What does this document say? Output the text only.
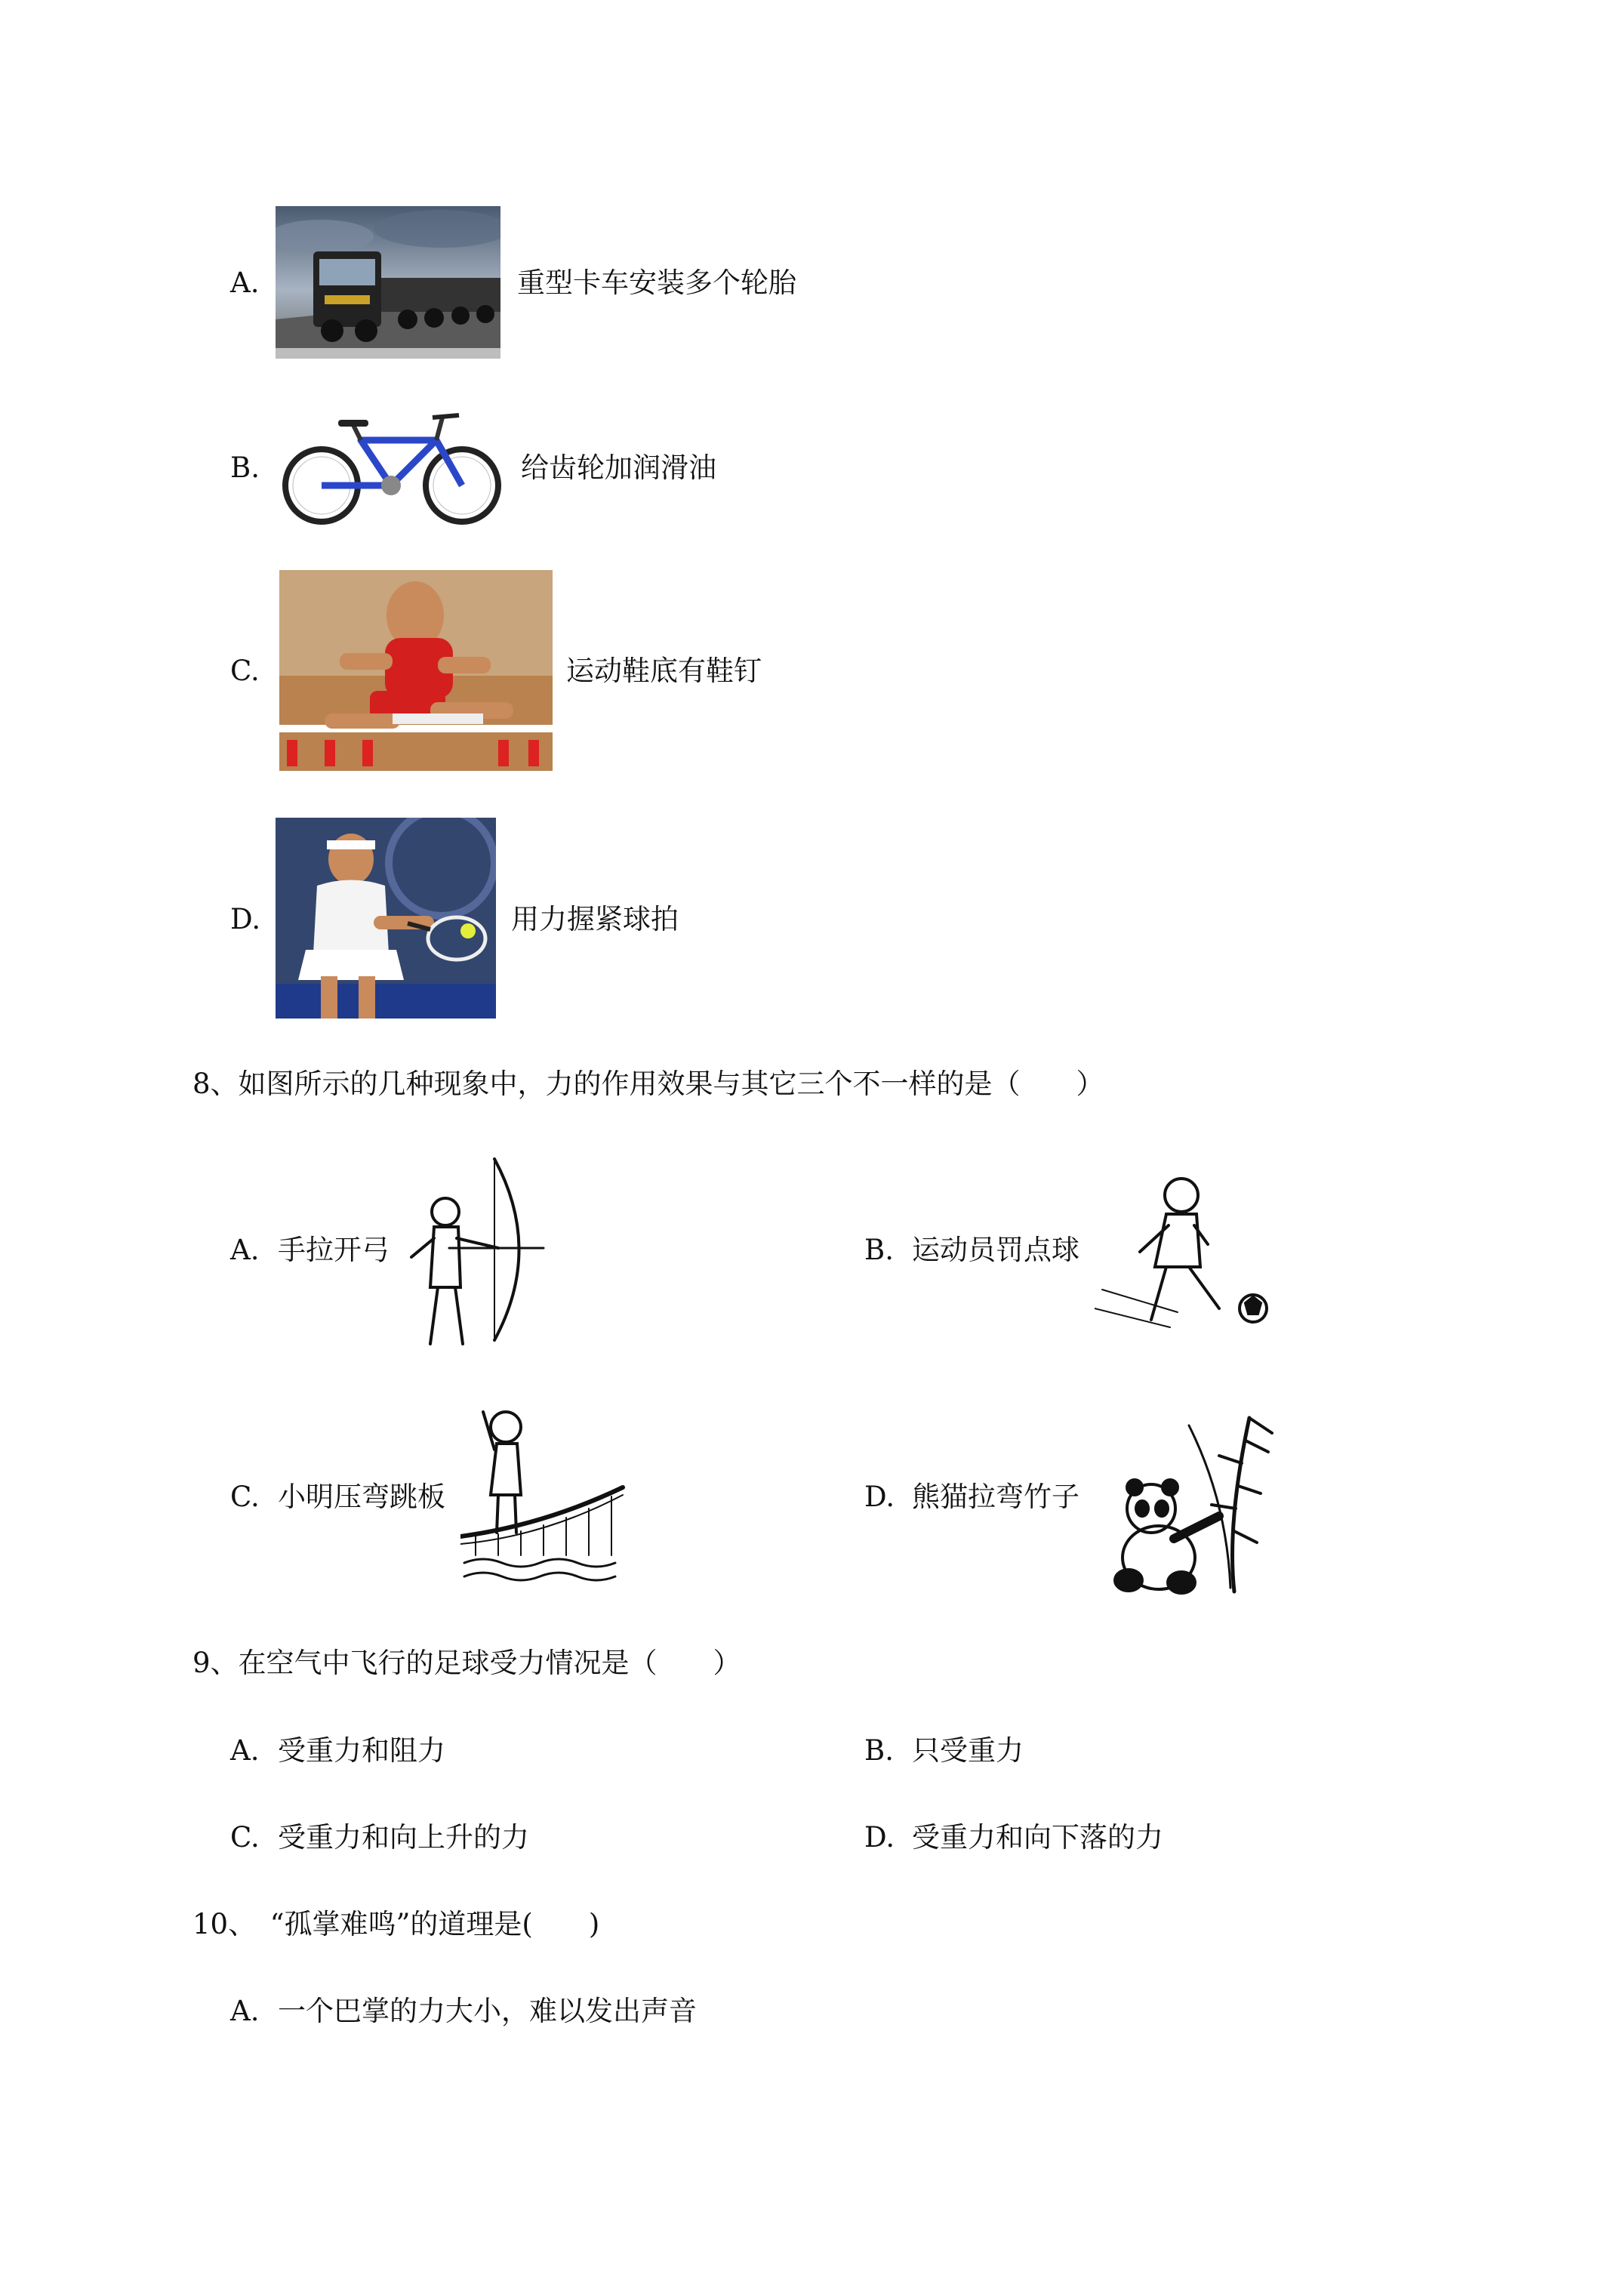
A.	重型卡车安装多个轮胎
B.	给齿轮加润滑油
C.	运动鞋底有鞋钉
D.	用力握紧球拍
8、如图所示的几种现象中，力的作用效果与其它三个不一样的是（　　）
A. 手拉开弓	B. 运动员罚点球
C. 小明压弯跳板	D. 熊猫拉弯竹子
9、在空气中飞行的足球受力情况是（　　）
A. 受重力和阻力	B. 只受重力
C. 受重力和向上升的力	D. 受重力和向下落的力
10、　“孤掌难鸣”的道理是(　　)
A. 一个巴掌的力大小，难以发出声音
